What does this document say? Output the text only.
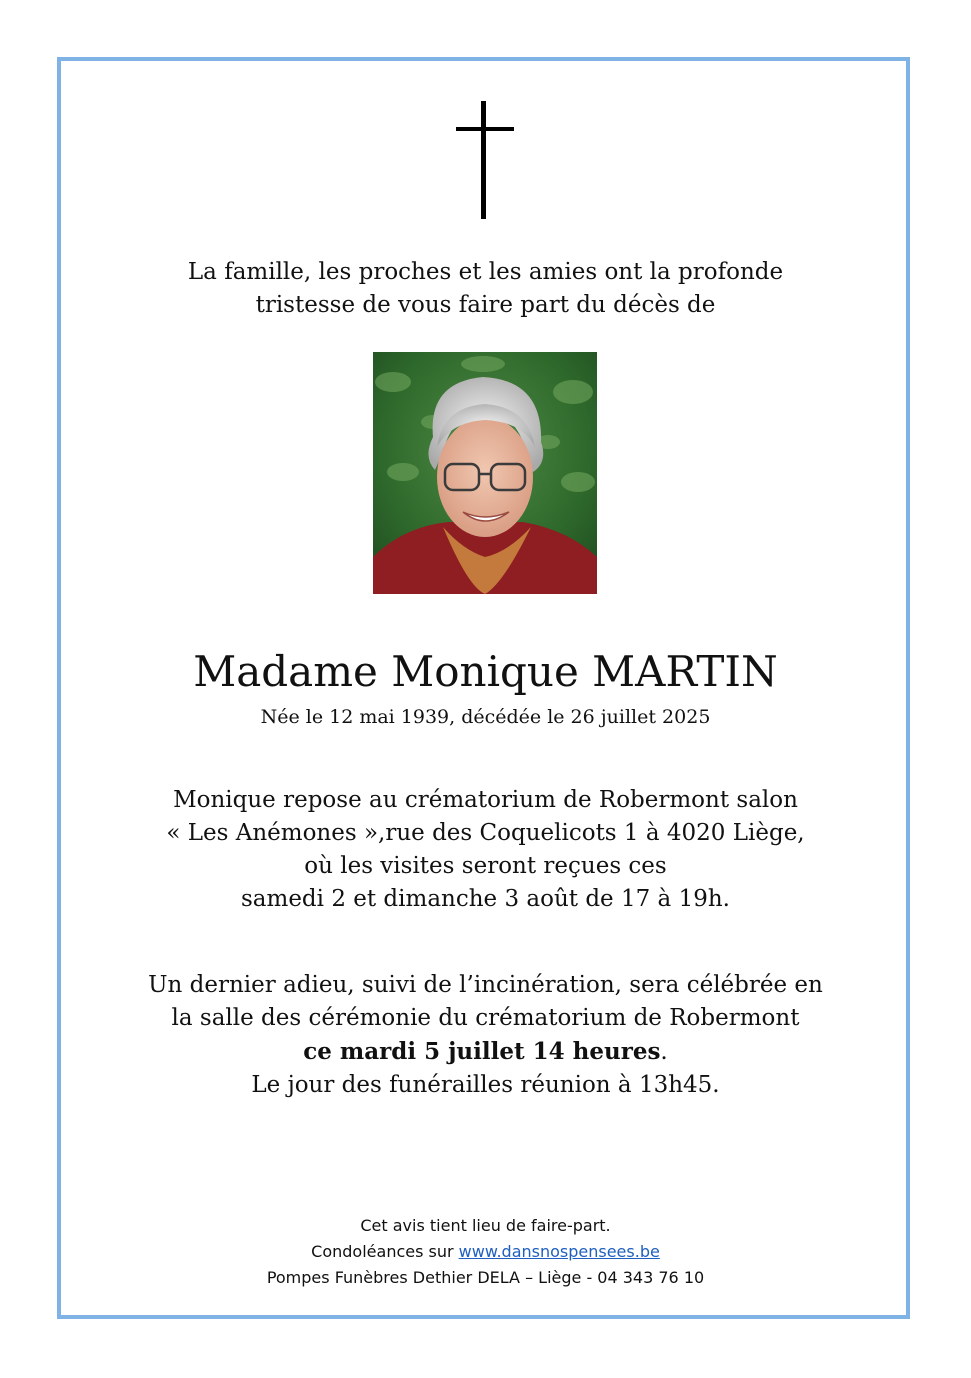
La famille, les proches et les amies ont la profonde
tristesse de vous faire part du décès de
Madame Monique MARTIN
Née le 12 mai 1939, décédée le 26 juillet 2025
Monique repose au crématorium de Robermont salon
« Les Anémones »,rue des Coquelicots 1 à 4020 Liège,
où les visites seront reçues ces
samedi 2 et dimanche 3 août de 17 à 19h.
Un dernier adieu, suivi de l’incinération, sera célébrée en
la salle des cérémonie du crématorium de Robermont
ce mardi 5 juillet 14 heures.
Le jour des funérailles réunion à 13h45.
Cet avis tient lieu de faire-part.
Condoléances sur www.dansnospensees.be
Pompes Funèbres Dethier DELA – Liège - 04 343 76 10
